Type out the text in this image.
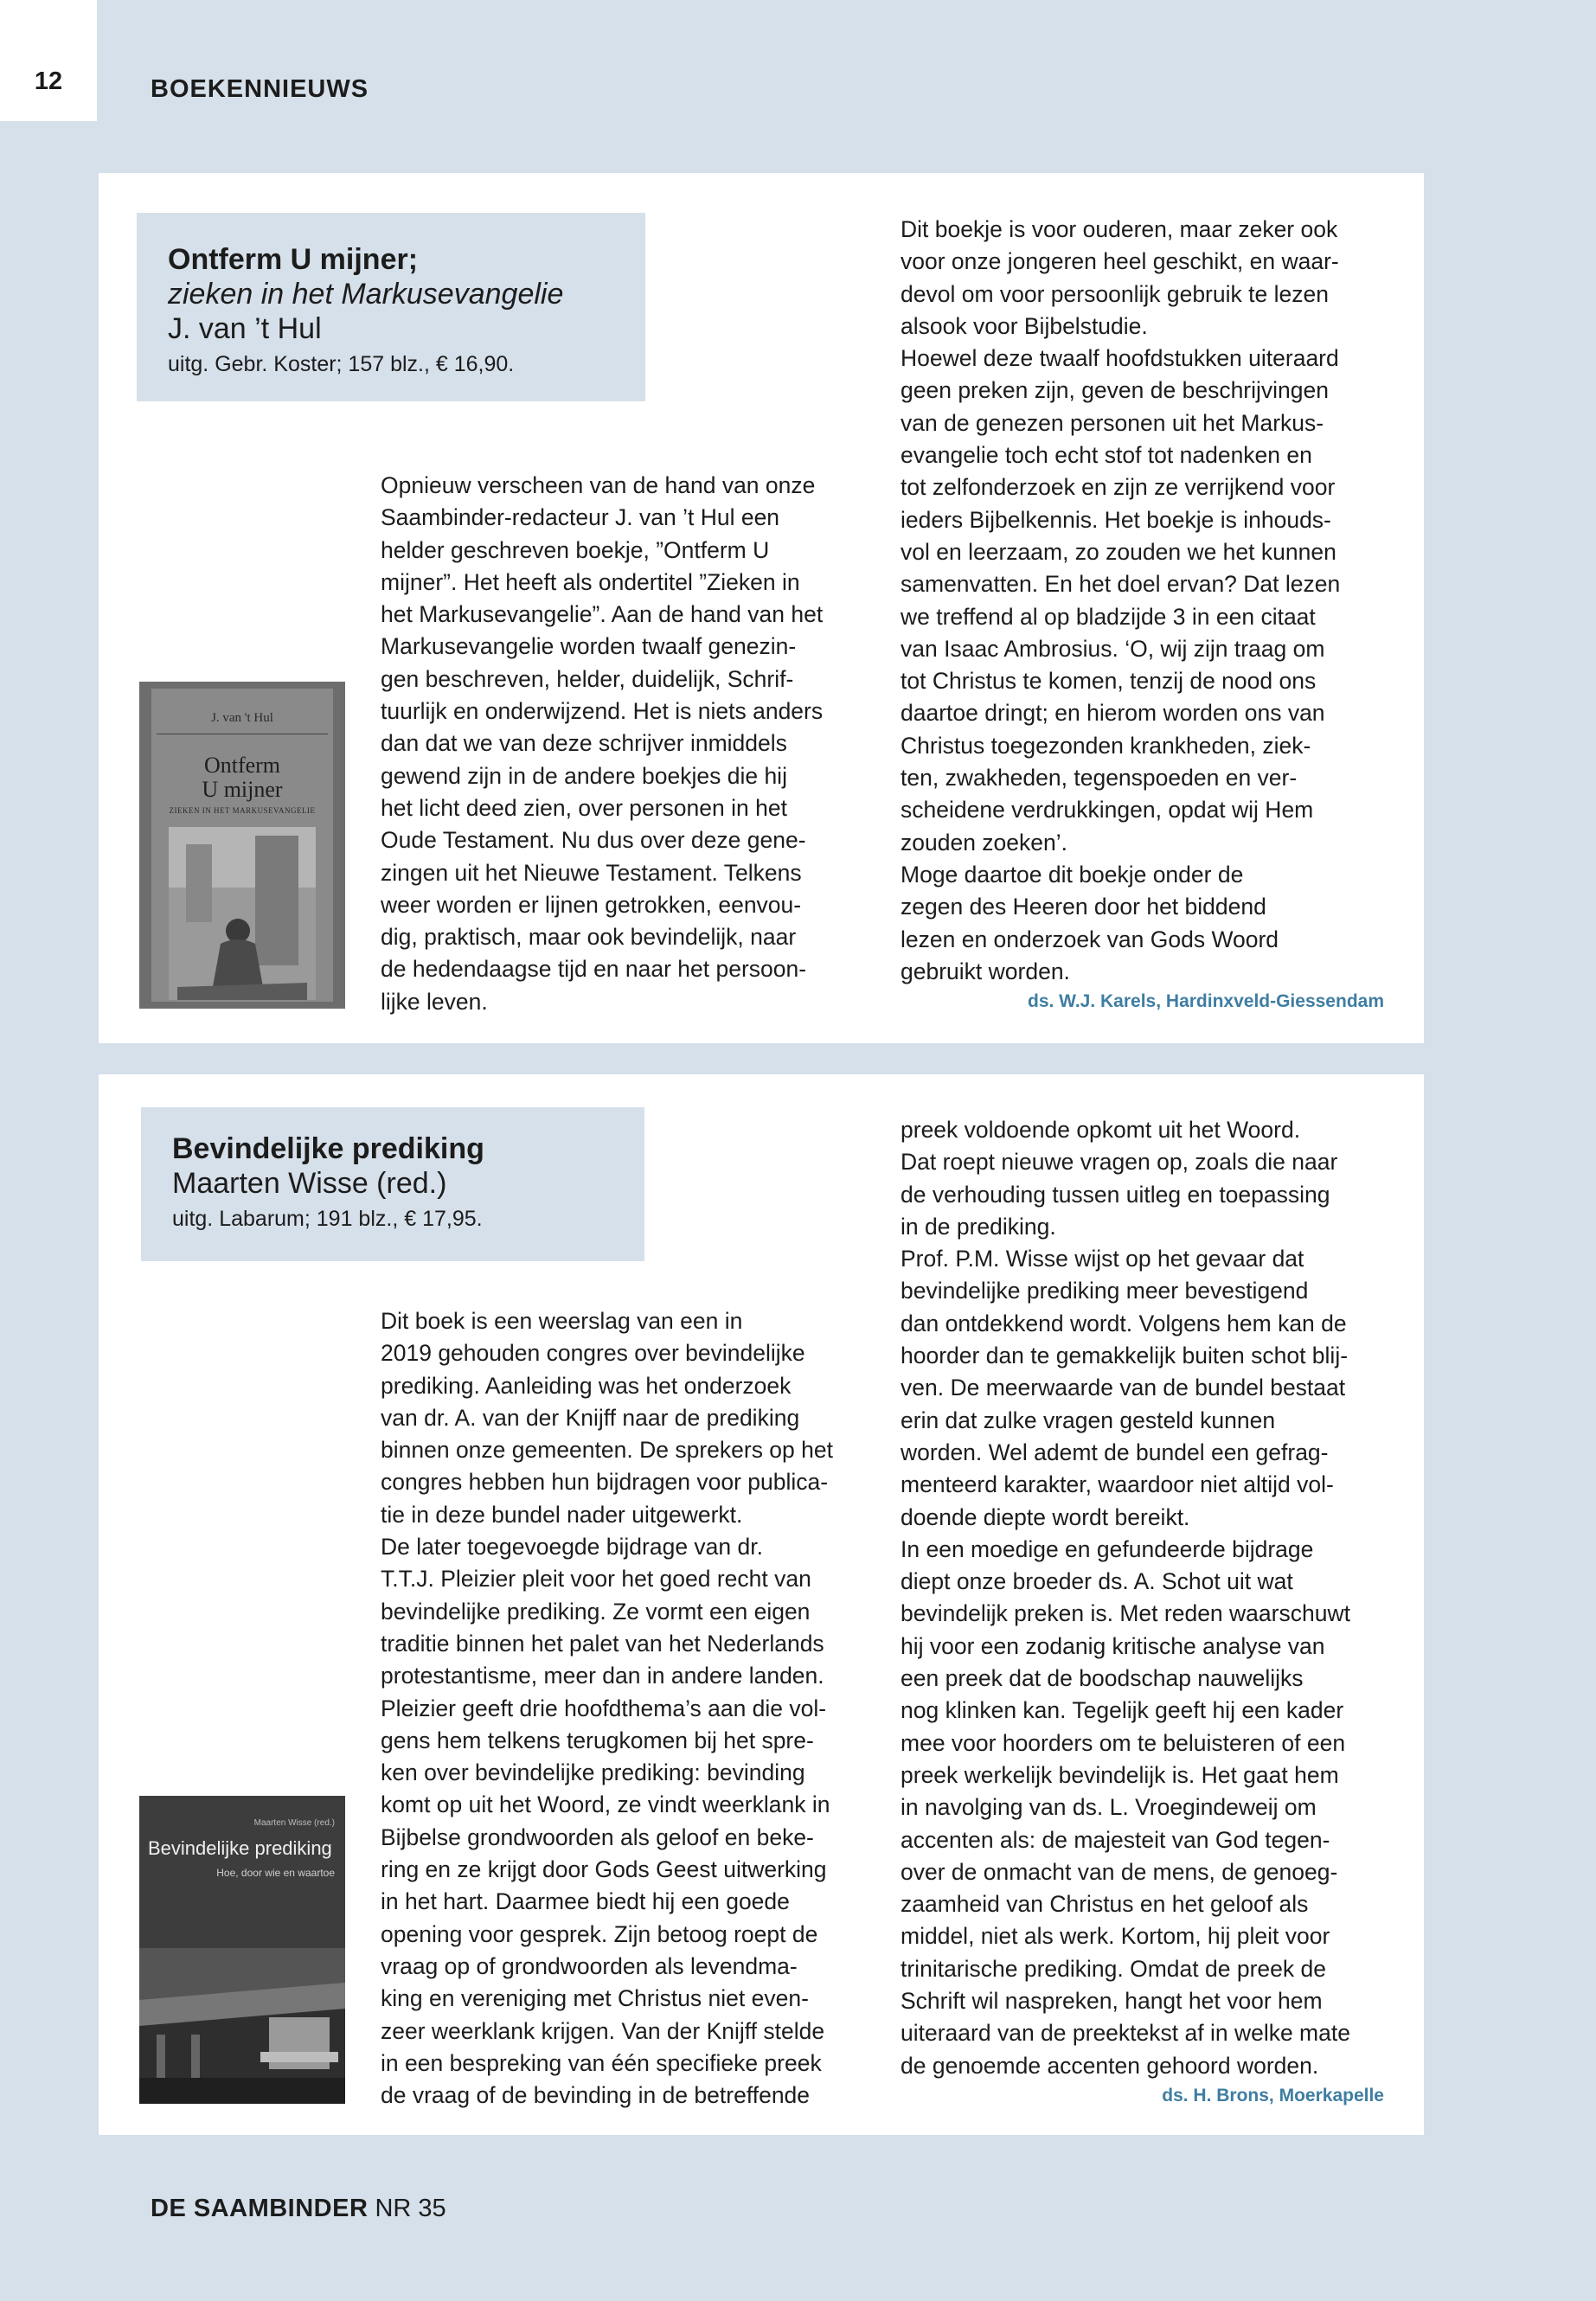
12	BOEKENNIEUWS
Ontferm U mijner;
zieken in het Markusevangelie
J. van ’t Hul
uitg. Gebr. Koster; 157 blz., € 16,90.
J. van 't Hul
Ontferm
U mijner
ZIEKEN IN HET MARKUSEVANGELIE
Opnieuw verscheen van de hand van onze
Saambinder-redacteur J. van ’t Hul een
helder geschreven boekje, ”Ontferm U
mijner”. Het heeft als ondertitel ”Zieken in
het Markusevangelie”. Aan de hand van het
Markusevangelie worden twaalf genezin-
gen beschreven, helder, duidelijk, Schrif-
tuurlijk en onderwijzend. Het is niets anders
dan dat we van deze schrijver inmiddels
gewend zijn in de andere boekjes die hij
het licht deed zien, over personen in het
Oude Testament. Nu dus over deze gene-
zingen uit het Nieuwe Testament. Telkens
weer worden er lijnen getrokken, eenvou-
dig, praktisch, maar ook bevindelijk, naar
de hedendaagse tijd en naar het persoon-
lijke leven.
Dit boekje is voor ouderen, maar zeker ook
voor onze jongeren heel geschikt, en waar-
devol om voor persoonlijk gebruik te lezen
alsook voor Bijbelstudie.
Hoewel deze twaalf hoofdstukken uiteraard
geen preken zijn, geven de beschrijvingen
van de genezen personen uit het Markus-
evangelie toch echt stof tot nadenken en
tot zelfonderzoek en zijn ze verrijkend voor
ieders Bijbelkennis. Het boekje is inhouds-
vol en leerzaam, zo zouden we het kunnen
samenvatten. En het doel ervan? Dat lezen
we treffend al op bladzijde 3 in een citaat
van Isaac Ambrosius. ‘O, wij zijn traag om
tot Christus te komen, tenzij de nood ons
daartoe dringt; en hierom worden ons van
Christus toegezonden krankheden, ziek-
ten, zwakheden, tegenspoeden en ver-
scheidene verdrukkingen, opdat wij Hem
zouden zoeken’.
Moge daartoe dit boekje onder de
zegen des Heeren door het biddend
lezen en onderzoek van Gods Woord
gebruikt worden.
ds. W.J. Karels, Hardinxveld-Giessendam
Bevindelijke prediking
Maarten Wisse (red.)
uitg. Labarum; 191 blz., € 17,95.
Maarten Wisse (red.)
Bevindelijke prediking
Hoe, door wie en waartoe
Dit boek is een weerslag van een in
2019 gehouden congres over bevindelijke
prediking. Aanleiding was het onderzoek
van dr. A. van der Knijff naar de prediking
binnen onze gemeenten. De sprekers op het
congres hebben hun bijdragen voor publica-
tie in deze bundel nader uitgewerkt.
De later toegevoegde bijdrage van dr.
T.T.J. Pleizier pleit voor het goed recht van
bevindelijke prediking. Ze vormt een eigen
traditie binnen het palet van het Nederlands
protestantisme, meer dan in andere landen.
Pleizier geeft drie hoofdthema’s aan die vol-
gens hem telkens terugkomen bij het spre-
ken over bevindelijke prediking: bevinding
komt op uit het Woord, ze vindt weerklank in
Bijbelse grondwoorden als geloof en beke-
ring en ze krijgt door Gods Geest uitwerking
in het hart. Daarmee biedt hij een goede
opening voor gesprek. Zijn betoog roept de
vraag op of grondwoorden als levendma-
king en vereniging met Christus niet even-
zeer weerklank krijgen. Van der Knijff stelde
in een bespreking van één specifieke preek
de vraag of de bevinding in de betreffende
preek voldoende opkomt uit het Woord.
Dat roept nieuwe vragen op, zoals die naar
de verhouding tussen uitleg en toepassing
in de prediking.
Prof. P.M. Wisse wijst op het gevaar dat
bevindelijke prediking meer bevestigend
dan ontdekkend wordt. Volgens hem kan de
hoorder dan te gemakkelijk buiten schot blij-
ven. De meerwaarde van de bundel bestaat
erin dat zulke vragen gesteld kunnen
worden. Wel ademt de bundel een gefrag-
menteerd karakter, waardoor niet altijd vol-
doende diepte wordt bereikt.
In een moedige en gefundeerde bijdrage
diept onze broeder ds. A. Schot uit wat
bevindelijk preken is. Met reden waarschuwt
hij voor een zodanig kritische analyse van
een preek dat de boodschap nauwelijks
nog klinken kan. Tegelijk geeft hij een kader
mee voor hoorders om te beluisteren of een
preek werkelijk bevindelijk is. Het gaat hem
in navolging van ds. L. Vroegindeweij om
accenten als: de majesteit van God tegen-
over de onmacht van de mens, de genoeg-
zaamheid van Christus en het geloof als
middel, niet als werk. Kortom, hij pleit voor
trinitarische prediking. Omdat de preek de
Schrift wil naspreken, hangt het voor hem
uiteraard van de preektekst af in welke mate
de genoemde accenten gehoord worden.
ds. H. Brons, Moerkapelle
DE SAAMBINDER NR 35
